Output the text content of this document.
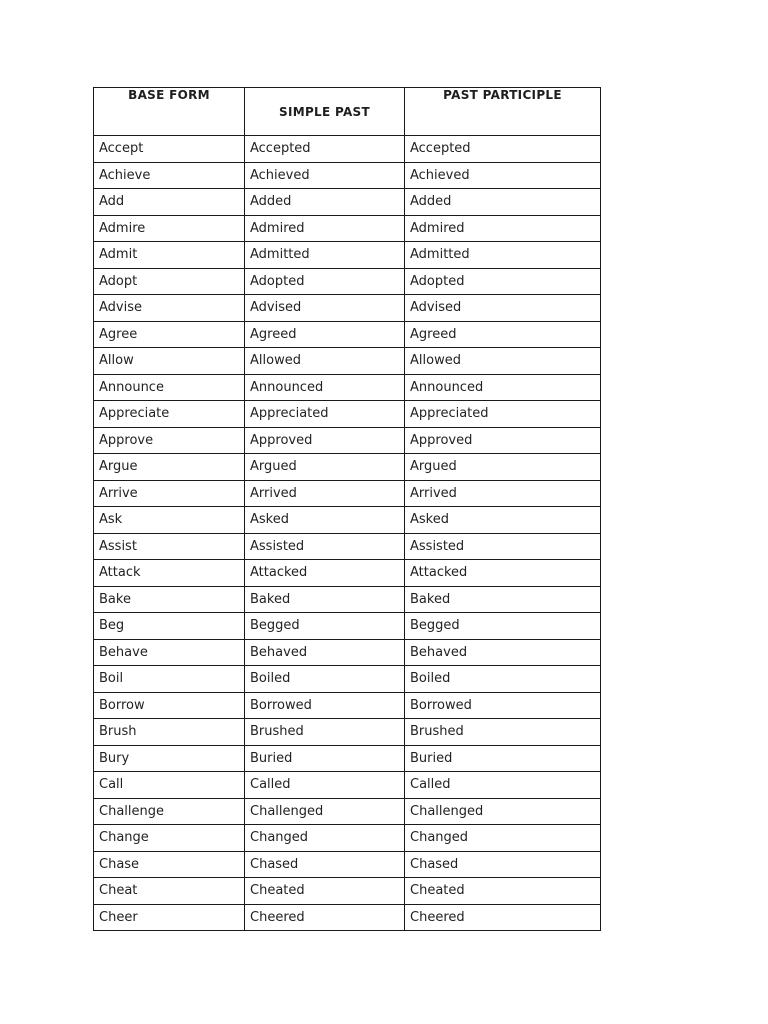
BASE FORM	SIMPLE PAST	PAST PARTICIPLE
Accept	Accepted	Accepted
Achieve	Achieved	Achieved
Add	Added	Added
Admire	Admired	Admired
Admit	Admitted	Admitted
Adopt	Adopted	Adopted
Advise	Advised	Advised
Agree	Agreed	Agreed
Allow	Allowed	Allowed
Announce	Announced	Announced
Appreciate	Appreciated	Appreciated
Approve	Approved	Approved
Argue	Argued	Argued
Arrive	Arrived	Arrived
Ask	Asked	Asked
Assist	Assisted	Assisted
Attack	Attacked	Attacked
Bake	Baked	Baked
Beg	Begged	Begged
Behave	Behaved	Behaved
Boil	Boiled	Boiled
Borrow	Borrowed	Borrowed
Brush	Brushed	Brushed
Bury	Buried	Buried
Call	Called	Called
Challenge	Challenged	Challenged
Change	Changed	Changed
Chase	Chased	Chased
Cheat	Cheated	Cheated
Cheer	Cheered	Cheered
